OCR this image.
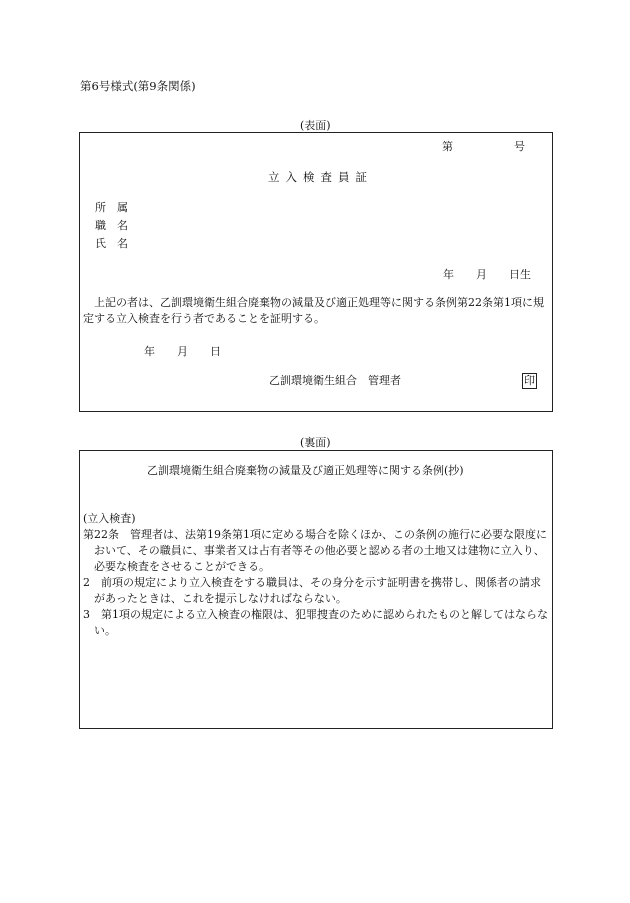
第6号様式(第9条関係)
(表面)
第	号
立入検査員証
所　属
職　名
氏　名
年　　月　　日生
　上記の者は、乙訓環境衛生組合廃棄物の減量及び適正処理等に関する条例第22条第1項に規定する立入検査を行う者であることを証明する。
年　　月　　日
乙訓環境衛生組合　管理者	印
(裏面)
乙訓環境衛生組合廃棄物の減量及び適正処理等に関する条例(抄)
(立入検査)

第22条　管理者は、法第19条第1項に定める場合を除くほか、この条例の施行に必要な限度において、その職員に、事業者又は占有者等その他必要と認める者の土地又は建物に立入り、必要な検査をさせることができる。

2　前項の規定により立入検査をする職員は、その身分を示す証明書を携帯し、関係者の請求があったときは、これを提示しなければならない。

3　第1項の規定による立入検査の権限は、犯罪捜査のために認められたものと解してはならない。
